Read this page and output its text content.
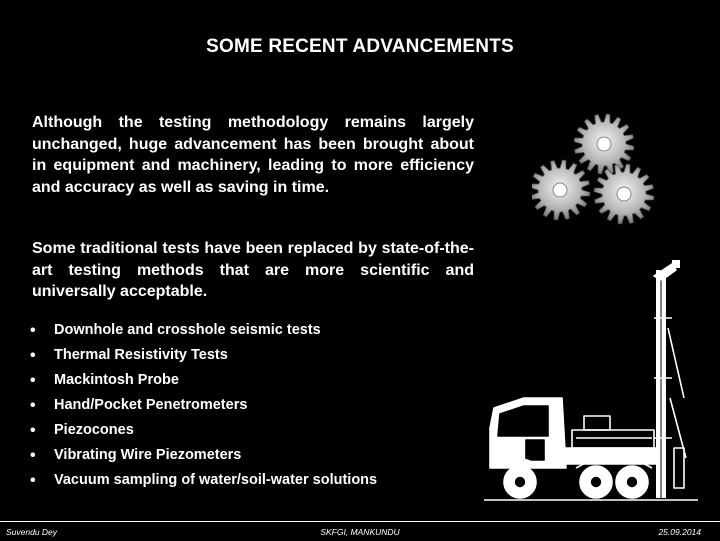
SOME RECENT ADVANCEMENTS
Although the testing methodology remains largely unchanged, huge advancement has been brought about in equipment and machinery, leading to more efficiency and accuracy as well as saving in time.
Some traditional tests have been replaced by state-of-the-art testing methods that are more scientific and universally acceptable.
• Downhole and crosshole seismic tests
• Thermal Resistivity Tests
• Mackintosh Probe
• Hand/Pocket Penetrometers
• Piezocones
• Vibrating Wire Piezometers
• Vacuum sampling of water/soil-water solutions
SKFGI, MANKUNDU
Suvendu Dey	25.09.2014
